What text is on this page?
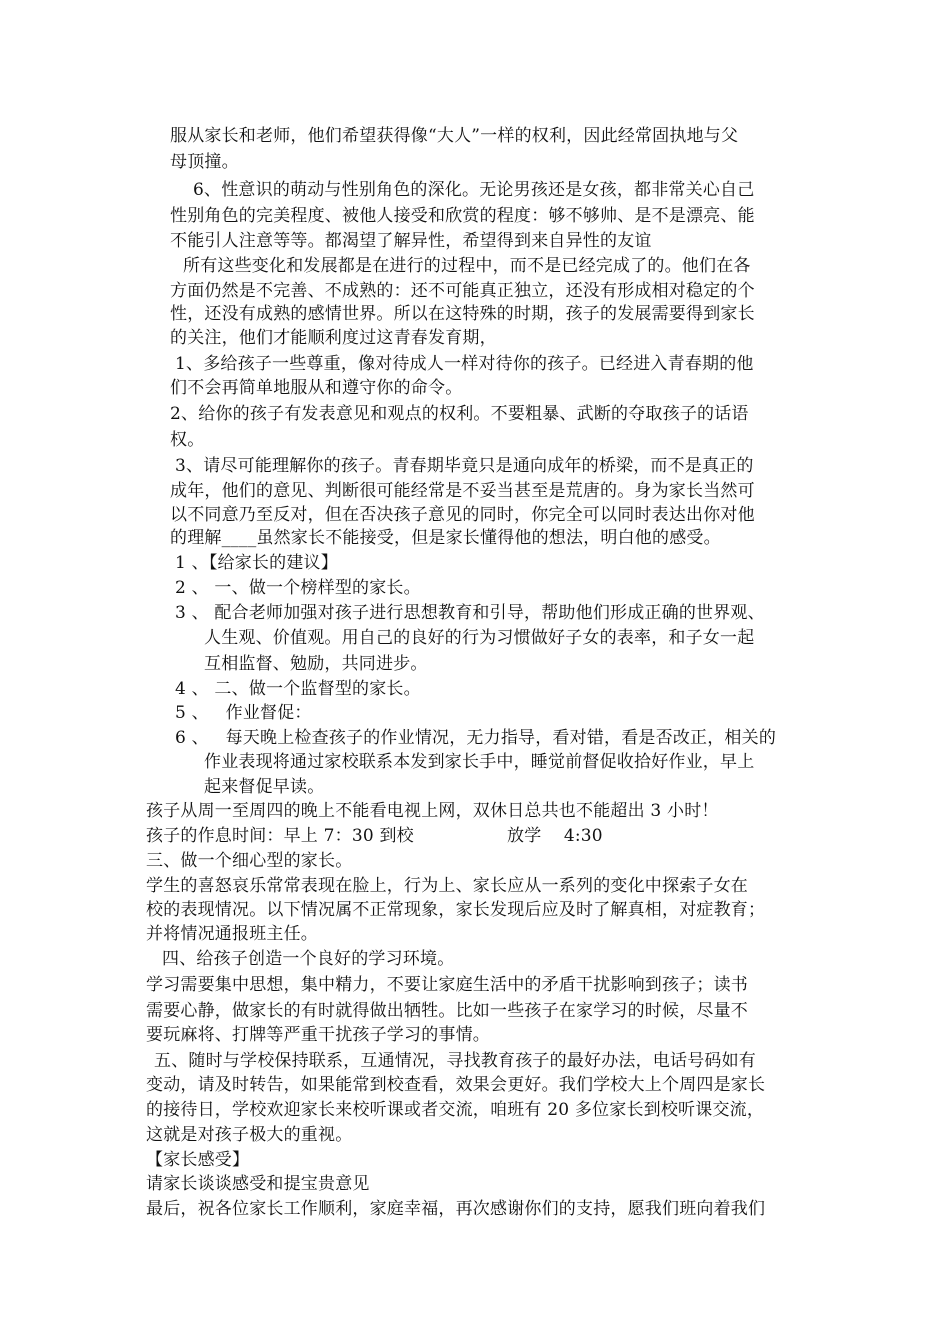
服从家长和老师，他们希望获得像“大人”一样的权利，因此经常固执地与父
母顶撞。
6、性意识的萌动与性别角色的深化。无论男孩还是女孩，都非常关心自己
性别角色的完美程度、被他人接受和欣赏的程度：够不够帅、是不是漂亮、能
不能引人注意等等。都渴望了解异性，希望得到来自异性的友谊
所有这些变化和发展都是在进行的过程中，而不是已经完成了的。他们在各
方面仍然是不完善、不成熟的：还不可能真正独立，还没有形成相对稳定的个
性，还没有成熟的感情世界。所以在这特殊的时期，孩子的发展需要得到家长
的关注，他们才能顺利度过这青春发育期，
1、多给孩子一些尊重，像对待成人一样对待你的孩子。已经进入青春期的他
们不会再简单地服从和遵守你的命令。
2、给你的孩子有发表意见和观点的权利。不要粗暴、武断的夺取孩子的话语
权。
3、请尽可能理解你的孩子。青春期毕竟只是通向成年的桥梁，而不是真正的
成年，他们的意见、判断很可能经常是不妥当甚至是荒唐的。身为家长当然可
以不同意乃至反对，但在否决孩子意见的同时，你完全可以同时表达出你对他
的理解____虽然家长不能接受，但是家长懂得他的想法，明白他的感受。
1 、【给家长的建议】
2 、 一、做一个榜样型的家长。
3 、 配合老师加强对孩子进行思想教育和引导，帮助他们形成正确的世界观、
人生观、价值观。用自己的良好的行为习惯做好子女的表率，和子女一起
互相监督、勉励，共同进步。
4 、 二、做一个监督型的家长。
5 、   作业督促：
6 、   每天晚上检查孩子的作业情况，无力指导，看对错，看是否改正，相关的
作业表现将通过家校联系本发到家长手中，睡觉前督促收拾好作业，早上
起来督促早读。
孩子从周一至周四的晚上不能看电视上网，双休日总共也不能超出 3 小时！
孩子的作息时间：早上 7：30 到校	放学    4:30
三、做一个细心型的家长。
学生的喜怒哀乐常常表现在脸上，行为上、家长应从一系列的变化中探索子女在
校的表现情况。以下情况属不正常现象，家长发现后应及时了解真相，对症教育；
并将情况通报班主任。
四、给孩子创造一个良好的学习环境。
学习需要集中思想，集中精力，不要让家庭生活中的矛盾干扰影响到孩子；读书
需要心静，做家长的有时就得做出牺牲。比如一些孩子在家学习的时候，尽量不
要玩麻将、打牌等严重干扰孩子学习的事情。
五、随时与学校保持联系，互通情况，寻找教育孩子的最好办法，电话号码如有
变动，请及时转告，如果能常到校查看，效果会更好。我们学校大上个周四是家长
的接待日，学校欢迎家长来校听课或者交流，咱班有 20 多位家长到校听课交流，
这就是对孩子极大的重视。
【家长感受】
请家长谈谈感受和提宝贵意见
最后，祝各位家长工作顺利，家庭幸福，再次感谢你们的支持，愿我们班向着我们
